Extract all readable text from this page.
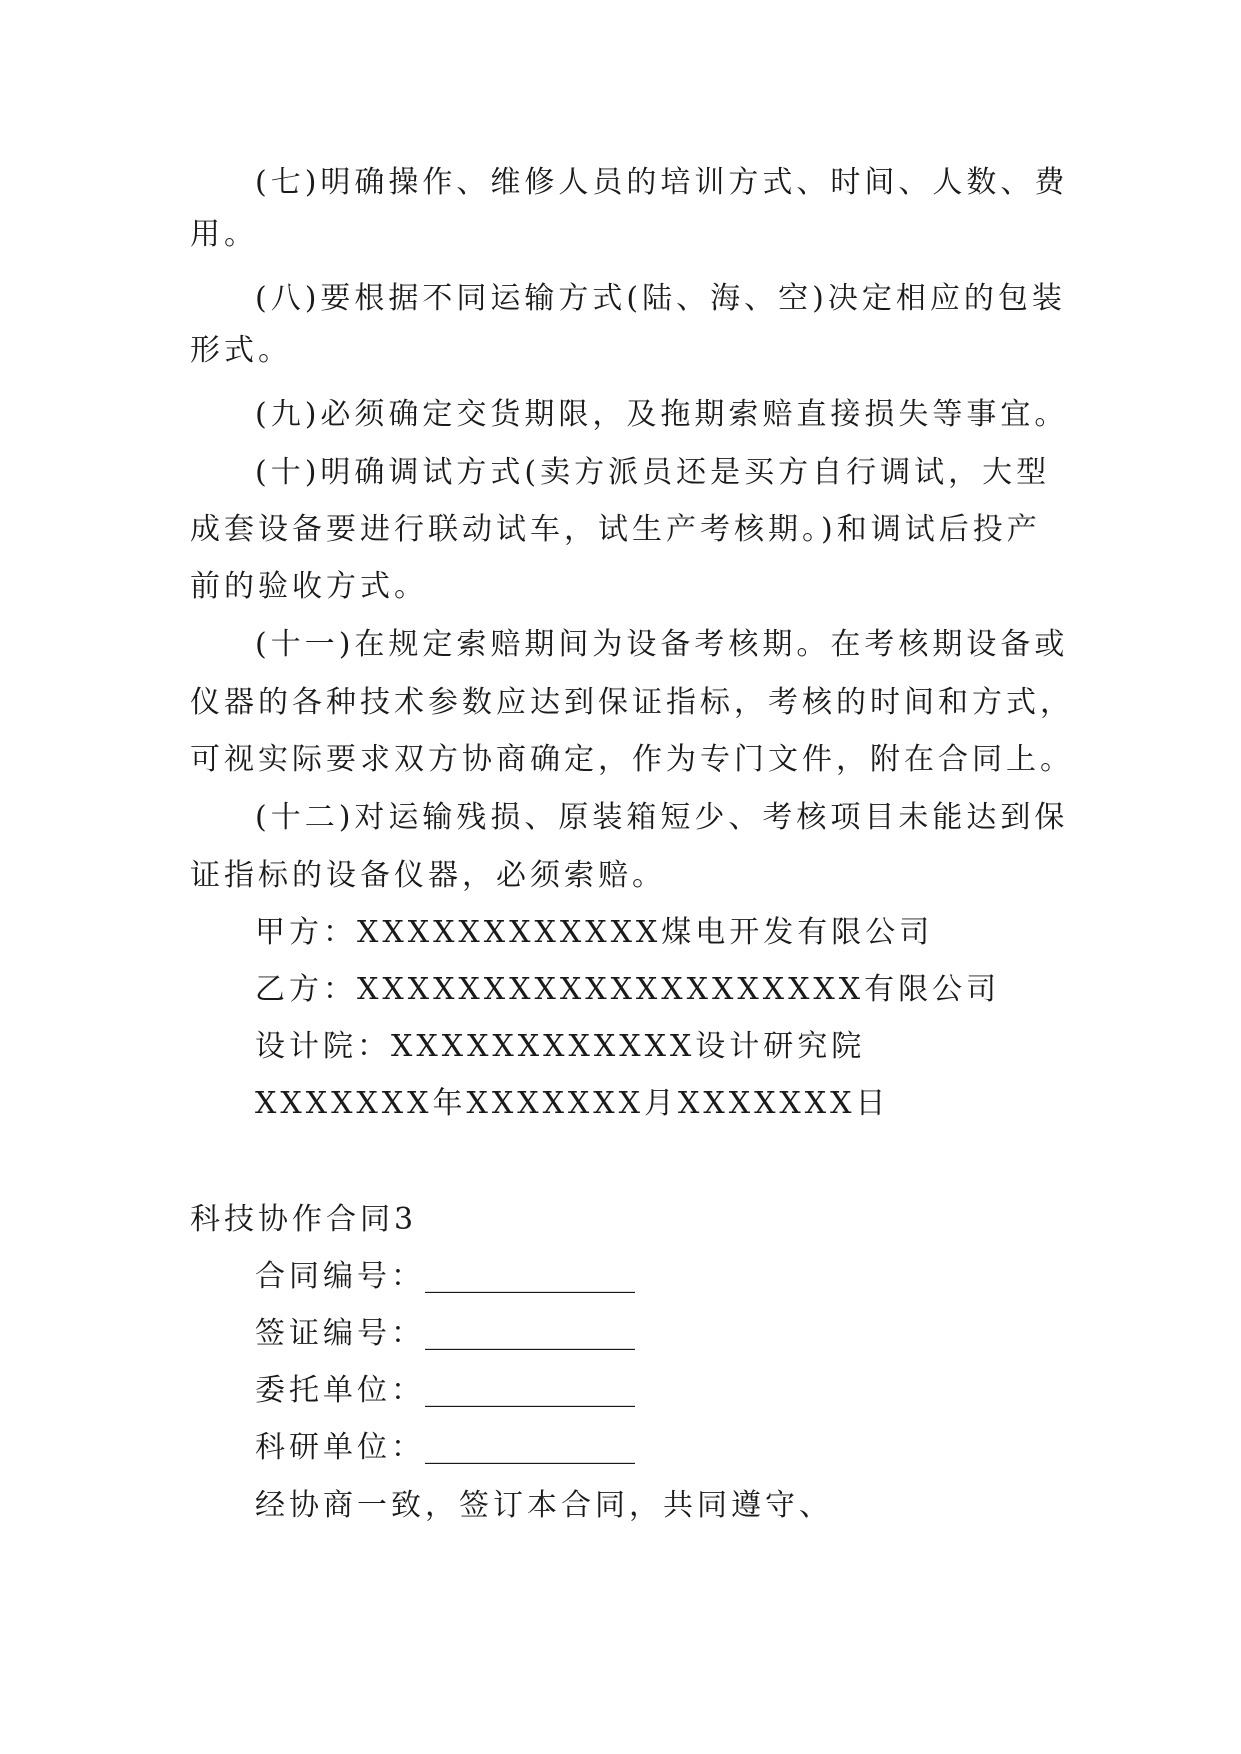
(七)明确操作、维修人员的培训方式、时间、人数、费
用。
(八)要根据不同运输方式(陆、海、空)决定相应的包装
形式。
(九)必须确定交货期限，及拖期索赔直接损失等事宜。
(十)明确调试方式(卖方派员还是买方自行调试，大型
成套设备要进行联动试车，试生产考核期。)和调试后投产
前的验收方式。
(十一)在规定索赔期间为设备考核期。在考核期设备或
仪器的各种技术参数应达到保证指标，考核的时间和方式，
可视实际要求双方协商确定，作为专门文件，附在合同上。
(十二)对运输残损、原装箱短少、考核项目未能达到保
证指标的设备仪器，必须索赔。
甲方：XXXXXXXXXXXX煤电开发有限公司
乙方：XXXXXXXXXXXXXXXXXXXX有限公司
设计院：XXXXXXXXXXXX设计研究院
XXXXXXX年XXXXXXX月XXXXXXX日
科技协作合同3
合同编号：______________
签证编号：______________
委托单位：______________
科研单位：______________
经协商一致，签订本合同，共同遵守、
